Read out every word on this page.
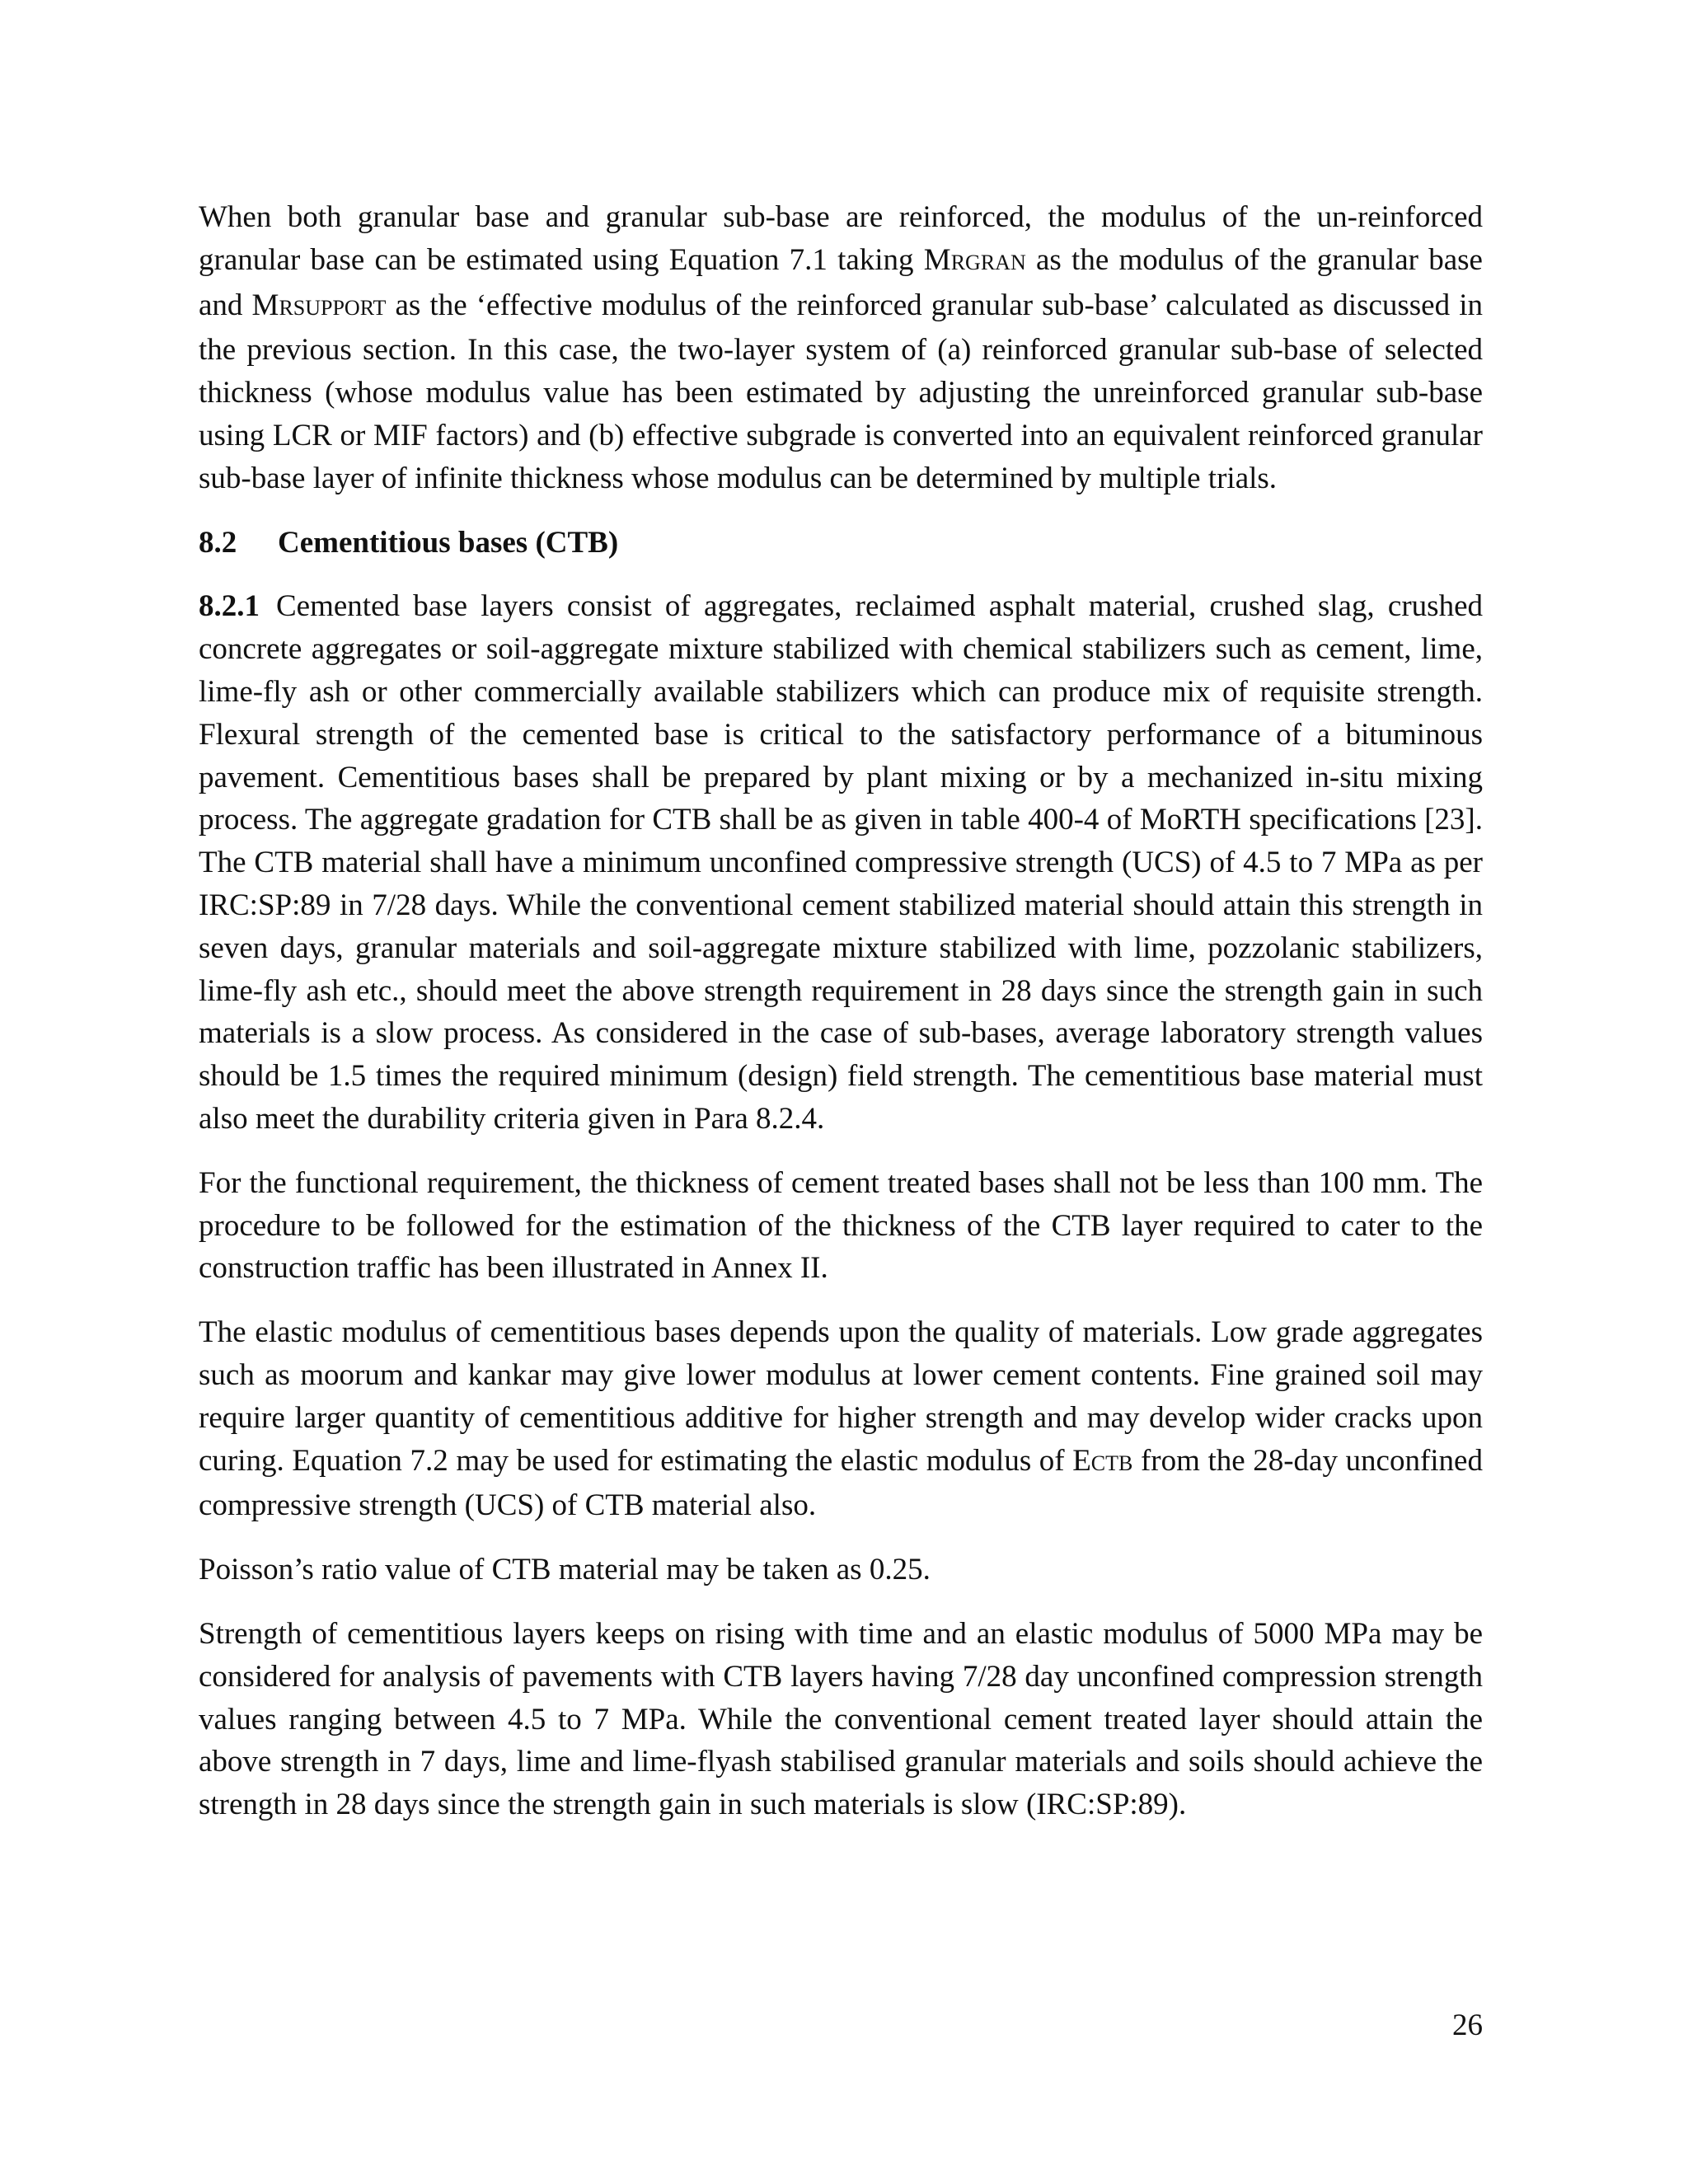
When both granular base and granular sub-base are reinforced, the modulus of the un-reinforced granular base can be estimated using Equation 7.1 taking MRGRAN as the modulus of the granular base and MRSUPPORT as the ‘effective modulus of the reinforced granular sub-base’ calculated as discussed in the previous section. In this case, the two-layer system of (a) reinforced granular sub-base of selected thickness (whose modulus value has been estimated by adjusting the unreinforced granular sub-base using LCR or MIF factors) and (b) effective subgrade is converted into an equivalent reinforced granular sub-base layer of infinite thickness whose modulus can be determined by multiple trials.

8.2 Cementitious bases (CTB)

8.2.1 Cemented base layers consist of aggregates, reclaimed asphalt material, crushed slag, crushed concrete aggregates or soil-aggregate mixture stabilized with chemical stabilizers such as cement, lime, lime-fly ash or other commercially available stabilizers which can produce mix of requisite strength. Flexural strength of the cemented base is critical to the satisfactory performance of a bituminous pavement. Cementitious bases shall be prepared by plant mixing or by a mechanized in-situ mixing process. The aggregate gradation for CTB shall be as given in table 400-4 of MoRTH specifications [23]. The CTB material shall have a minimum unconfined compressive strength (UCS) of 4.5 to 7 MPa as per IRC:SP:89 in 7/28 days. While the conventional cement stabilized material should attain this strength in seven days, granular materials and soil-aggregate mixture stabilized with lime, pozzolanic stabilizers, lime-fly ash etc., should meet the above strength requirement in 28 days since the strength gain in such materials is a slow process. As considered in the case of sub-bases, average laboratory strength values should be 1.5 times the required minimum (design) field strength. The cementitious base material must also meet the durability criteria given in Para 8.2.4.

For the functional requirement, the thickness of cement treated bases shall not be less than 100 mm. The procedure to be followed for the estimation of the thickness of the CTB layer required to cater to the construction traffic has been illustrated in Annex II.

The elastic modulus of cementitious bases depends upon the quality of materials. Low grade aggregates such as moorum and kankar may give lower modulus at lower cement contents. Fine grained soil may require larger quantity of cementitious additive for higher strength and may develop wider cracks upon curing. Equation 7.2 may be used for estimating the elastic modulus of ECTB from the 28-day unconfined compressive strength (UCS) of CTB material also.

Poisson’s ratio value of CTB material may be taken as 0.25.

Strength of cementitious layers keeps on rising with time and an elastic modulus of 5000 MPa may be considered for analysis of pavements with CTB layers having 7/28 day unconfined compression strength values ranging between 4.5 to 7 MPa. While the conventional cement treated layer should attain the above strength in 7 days, lime and lime-flyash stabilised granular materials and soils should achieve the strength in 28 days since the strength gain in such materials is slow (IRC:SP:89).

26
